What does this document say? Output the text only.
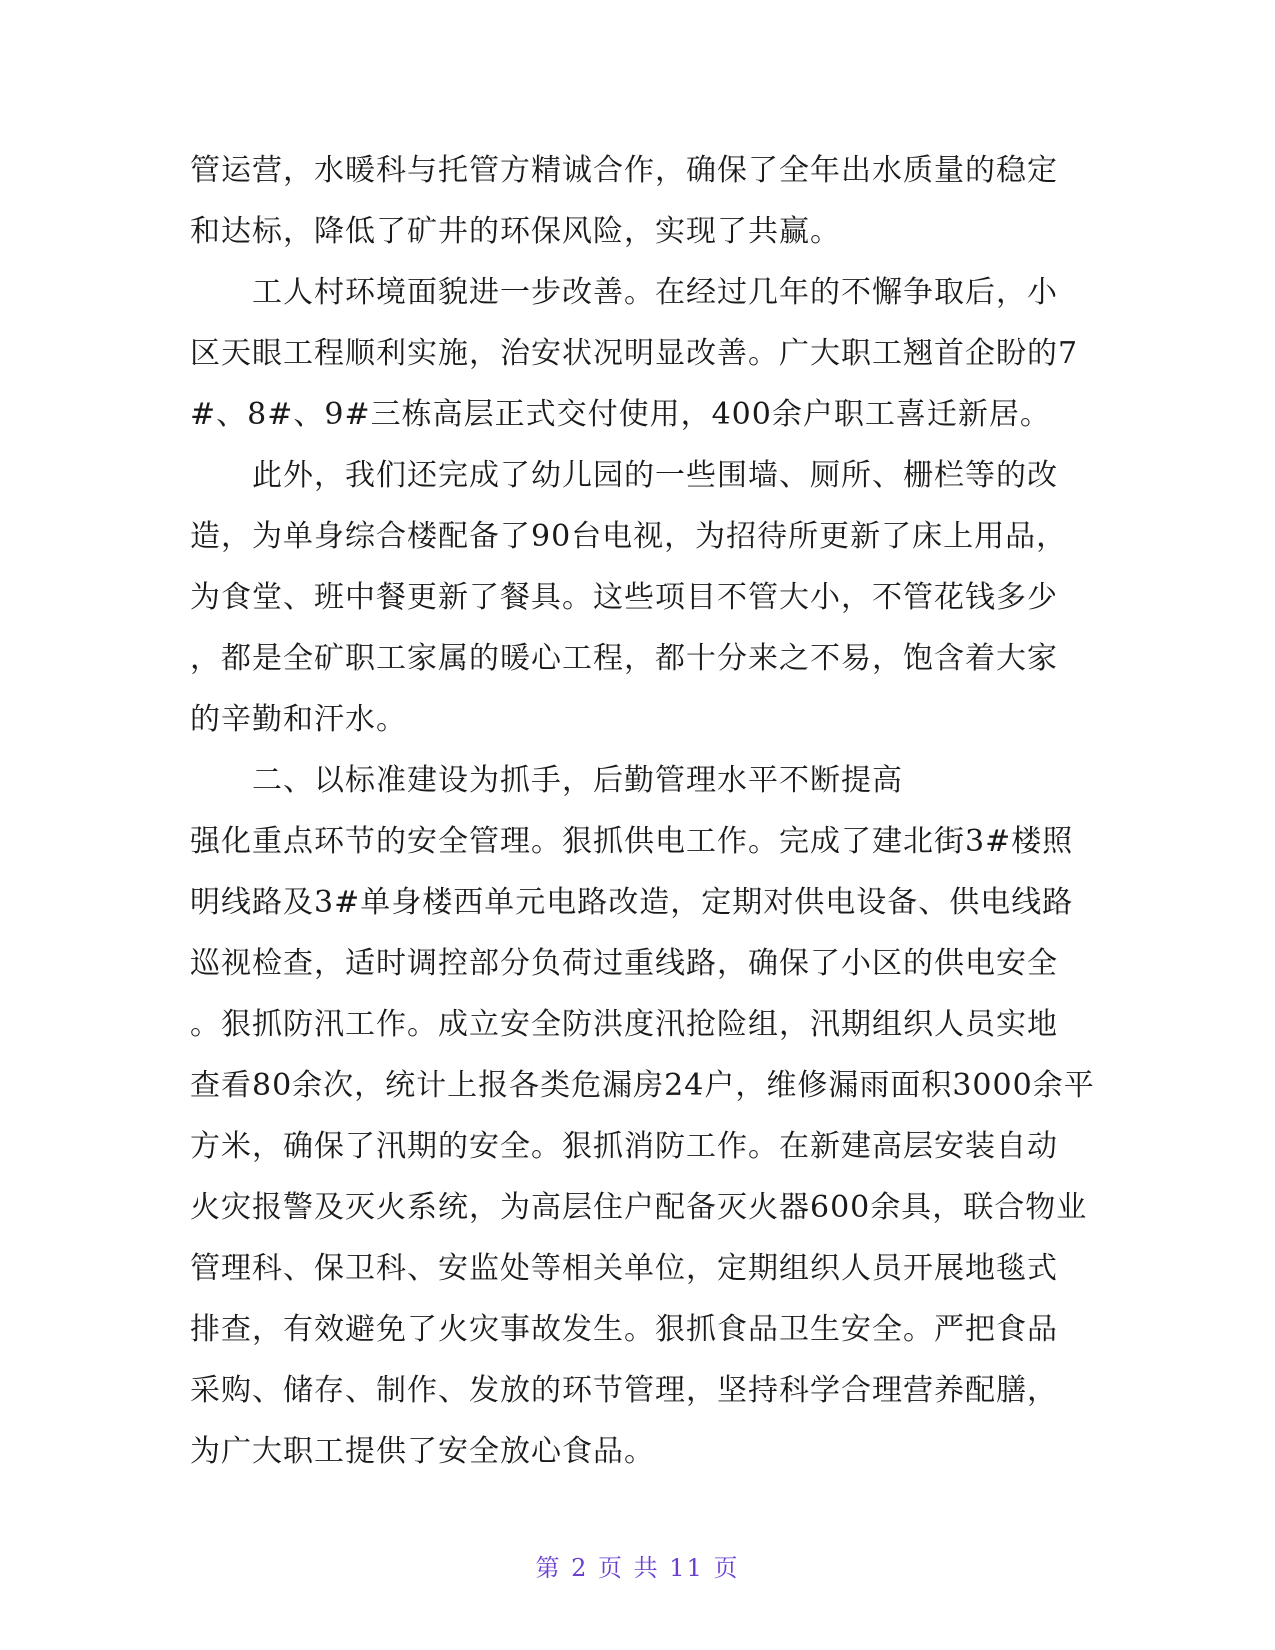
管运营，水暖科与托管方精诚合作，确保了全年出水质量的稳定
和达标，降低了矿井的环保风险，实现了共赢。
工人村环境面貌进一步改善。在经过几年的不懈争取后，小
区天眼工程顺利实施，治安状况明显改善。广大职工翘首企盼的7
#、8#、9#三栋高层正式交付使用，400余户职工喜迁新居。
此外，我们还完成了幼儿园的一些围墙、厕所、栅栏等的改
造，为单身综合楼配备了90台电视，为招待所更新了床上用品，
为食堂、班中餐更新了餐具。这些项目不管大小，不管花钱多少
，都是全矿职工家属的暖心工程，都十分来之不易，饱含着大家
的辛勤和汗水。
二、以标准建设为抓手，后勤管理水平不断提高
强化重点环节的安全管理。狠抓供电工作。完成了建北街3#楼照
明线路及3#单身楼西单元电路改造，定期对供电设备、供电线路
巡视检查，适时调控部分负荷过重线路，确保了小区的供电安全
。狠抓防汛工作。成立安全防洪度汛抢险组，汛期组织人员实地
查看80余次，统计上报各类危漏房24户，维修漏雨面积3000余平
方米，确保了汛期的安全。狠抓消防工作。在新建高层安装自动
火灾报警及灭火系统，为高层住户配备灭火器600余具，联合物业
管理科、保卫科、安监处等相关单位，定期组织人员开展地毯式
排查，有效避免了火灾事故发生。狠抓食品卫生安全。严把食品
采购、储存、制作、发放的环节管理，坚持科学合理营养配膳，
为广大职工提供了安全放心食品。
第 2 页 共 11 页
